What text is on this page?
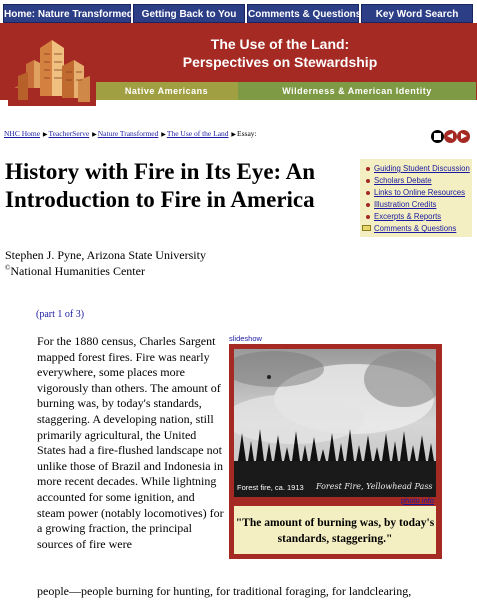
Home: Nature Transformed Getting Back to You	Comments & Questions	Key Word Search
The Use of the Land:
Perspectives on Stewardship
Native Americans	Wilderness & American Identity
NHC Home ▶TeacherServe ▶Nature Transformed ▶The Use of the Land ▶Essay:
History with Fire in Its Eye: An Introduction to Fire in America
Stephen J. Pyne, Arizona State University
©National Humanities Center
Guiding Student Discussion
Scholars Debate
Links to Online Resources
Illustration Credits
Excerpts & Reports
Comments & Questions
(part 1 of 3)
For the 1880 census, Charles Sargent mapped forest fires. Fire was nearly everywhere, some places more vigorously than others. The amount of burning was, by today's standards, staggering. A developing nation, still primarily agricultural, the United States had a fire-flushed landscape not unlike those of Brazil and Indonesia in more recent decades. While lightning accounted for some ignition, and steam power (notably locomotives) for a growing fraction, the principal sources of fire were
people—people burning for hunting, for traditional foraging, for landclearing,
slideshow
Forest Fire, Yellowhead Pass
Forest fire, ca. 1913
photo info
"The amount of burning was, by today's standards, staggering."
